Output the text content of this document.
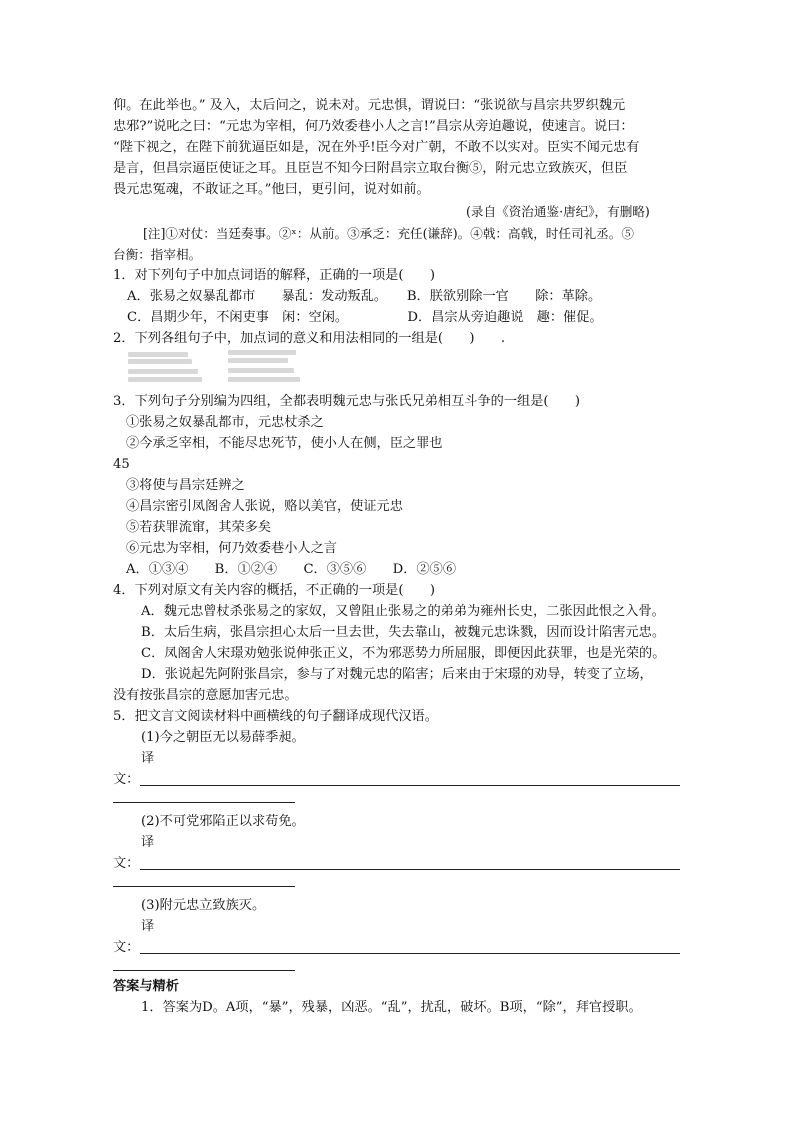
仰。在此举也。” 及入，太后问之，说未对。元忠惧，谓说曰：“张说欲与昌宗共罗织魏元
忠邪?”说叱之曰：“元忠为宰相，何乃效委巷小人之言!”昌宗从旁迫趣说，使速言。说曰：
“陛下视之，在陛下前犹逼臣如是，况在外乎!臣今对广朝，不敢不以实对。臣实不闻元忠有
是言，但昌宗逼臣使证之耳。且臣岂不知今曰附昌宗立取台衡⑤，附元忠立致族灭，但臣
畏元忠冤魂，不敢证之耳。”他曰，更引问，说对如前。
(录自《资治通鉴·唐纪》，有删略)
[注]①对仗：当廷奏事。②ˣ：从前。③承乏：充任(谦辞)。④戟：高戟，时任司礼丞。⑤
台衡：指宰相。
1．对下列句子中加点词语的解释，正确的一项是(　　)
A．张易之奴暴乱都市　　暴乱：发动叛乱。　　B．朕欲别除一官　　除：革除。
C．昌期少年，不闲吏事　闲：空闲。　　　　　D．昌宗从旁迫趣说　趣：催促。
2．下列各组句子中，加点词的意义和用法相同的一组是(　　)　　.
3．下列句子分别编为四组，全都表明魏元忠与张氏兄弟相互斗争的一组是(　　)
①张易之奴暴乱都市，元忠杖杀之
②今承乏宰相，不能尽忠死节，使小人在侧，臣之罪也
45
③将使与昌宗廷辨之
④昌宗密引凤阁舍人张说，赂以美官，使证元忠
⑤若获罪流窜，其荣多矣
⑥元忠为宰相，何乃效委巷小人之言
A．①③④　　B．①②④　　C．③⑤⑥　　D．②⑤⑥
4．下列对原文有关内容的概括，不正确的一项是(　　)
A．魏元忠曾杖杀张易之的家奴，又曾阻止张易之的弟弟为雍州长史，二张因此恨之入骨。
B．太后生病，张昌宗担心太后一旦去世，失去靠山，被魏元忠诛戮，因而设计陷害元忠。
C．凤阁舍人宋璟劝勉张说伸张正义，不为邪恶势力所屈服，即便因此获罪，也是光荣的。
D．张说起先阿附张昌宗，参与了对魏元忠的陷害；后来由于宋璟的劝导，转变了立场，
没有按张昌宗的意愿加害元忠。
5．把文言文阅读材料中画横线的句子翻译成现代汉语。
(1)今之朝臣无以易薛季昶。
译
文：
(2)不可党邪陷正以求苟免。
译
文：
(3)附元忠立致族灭。
译
文：
答案与精析
1．答案为D。A项，“暴”，残暴，凶恶。“乱”，扰乱，破坏。B项，“除”，拜官授职。
